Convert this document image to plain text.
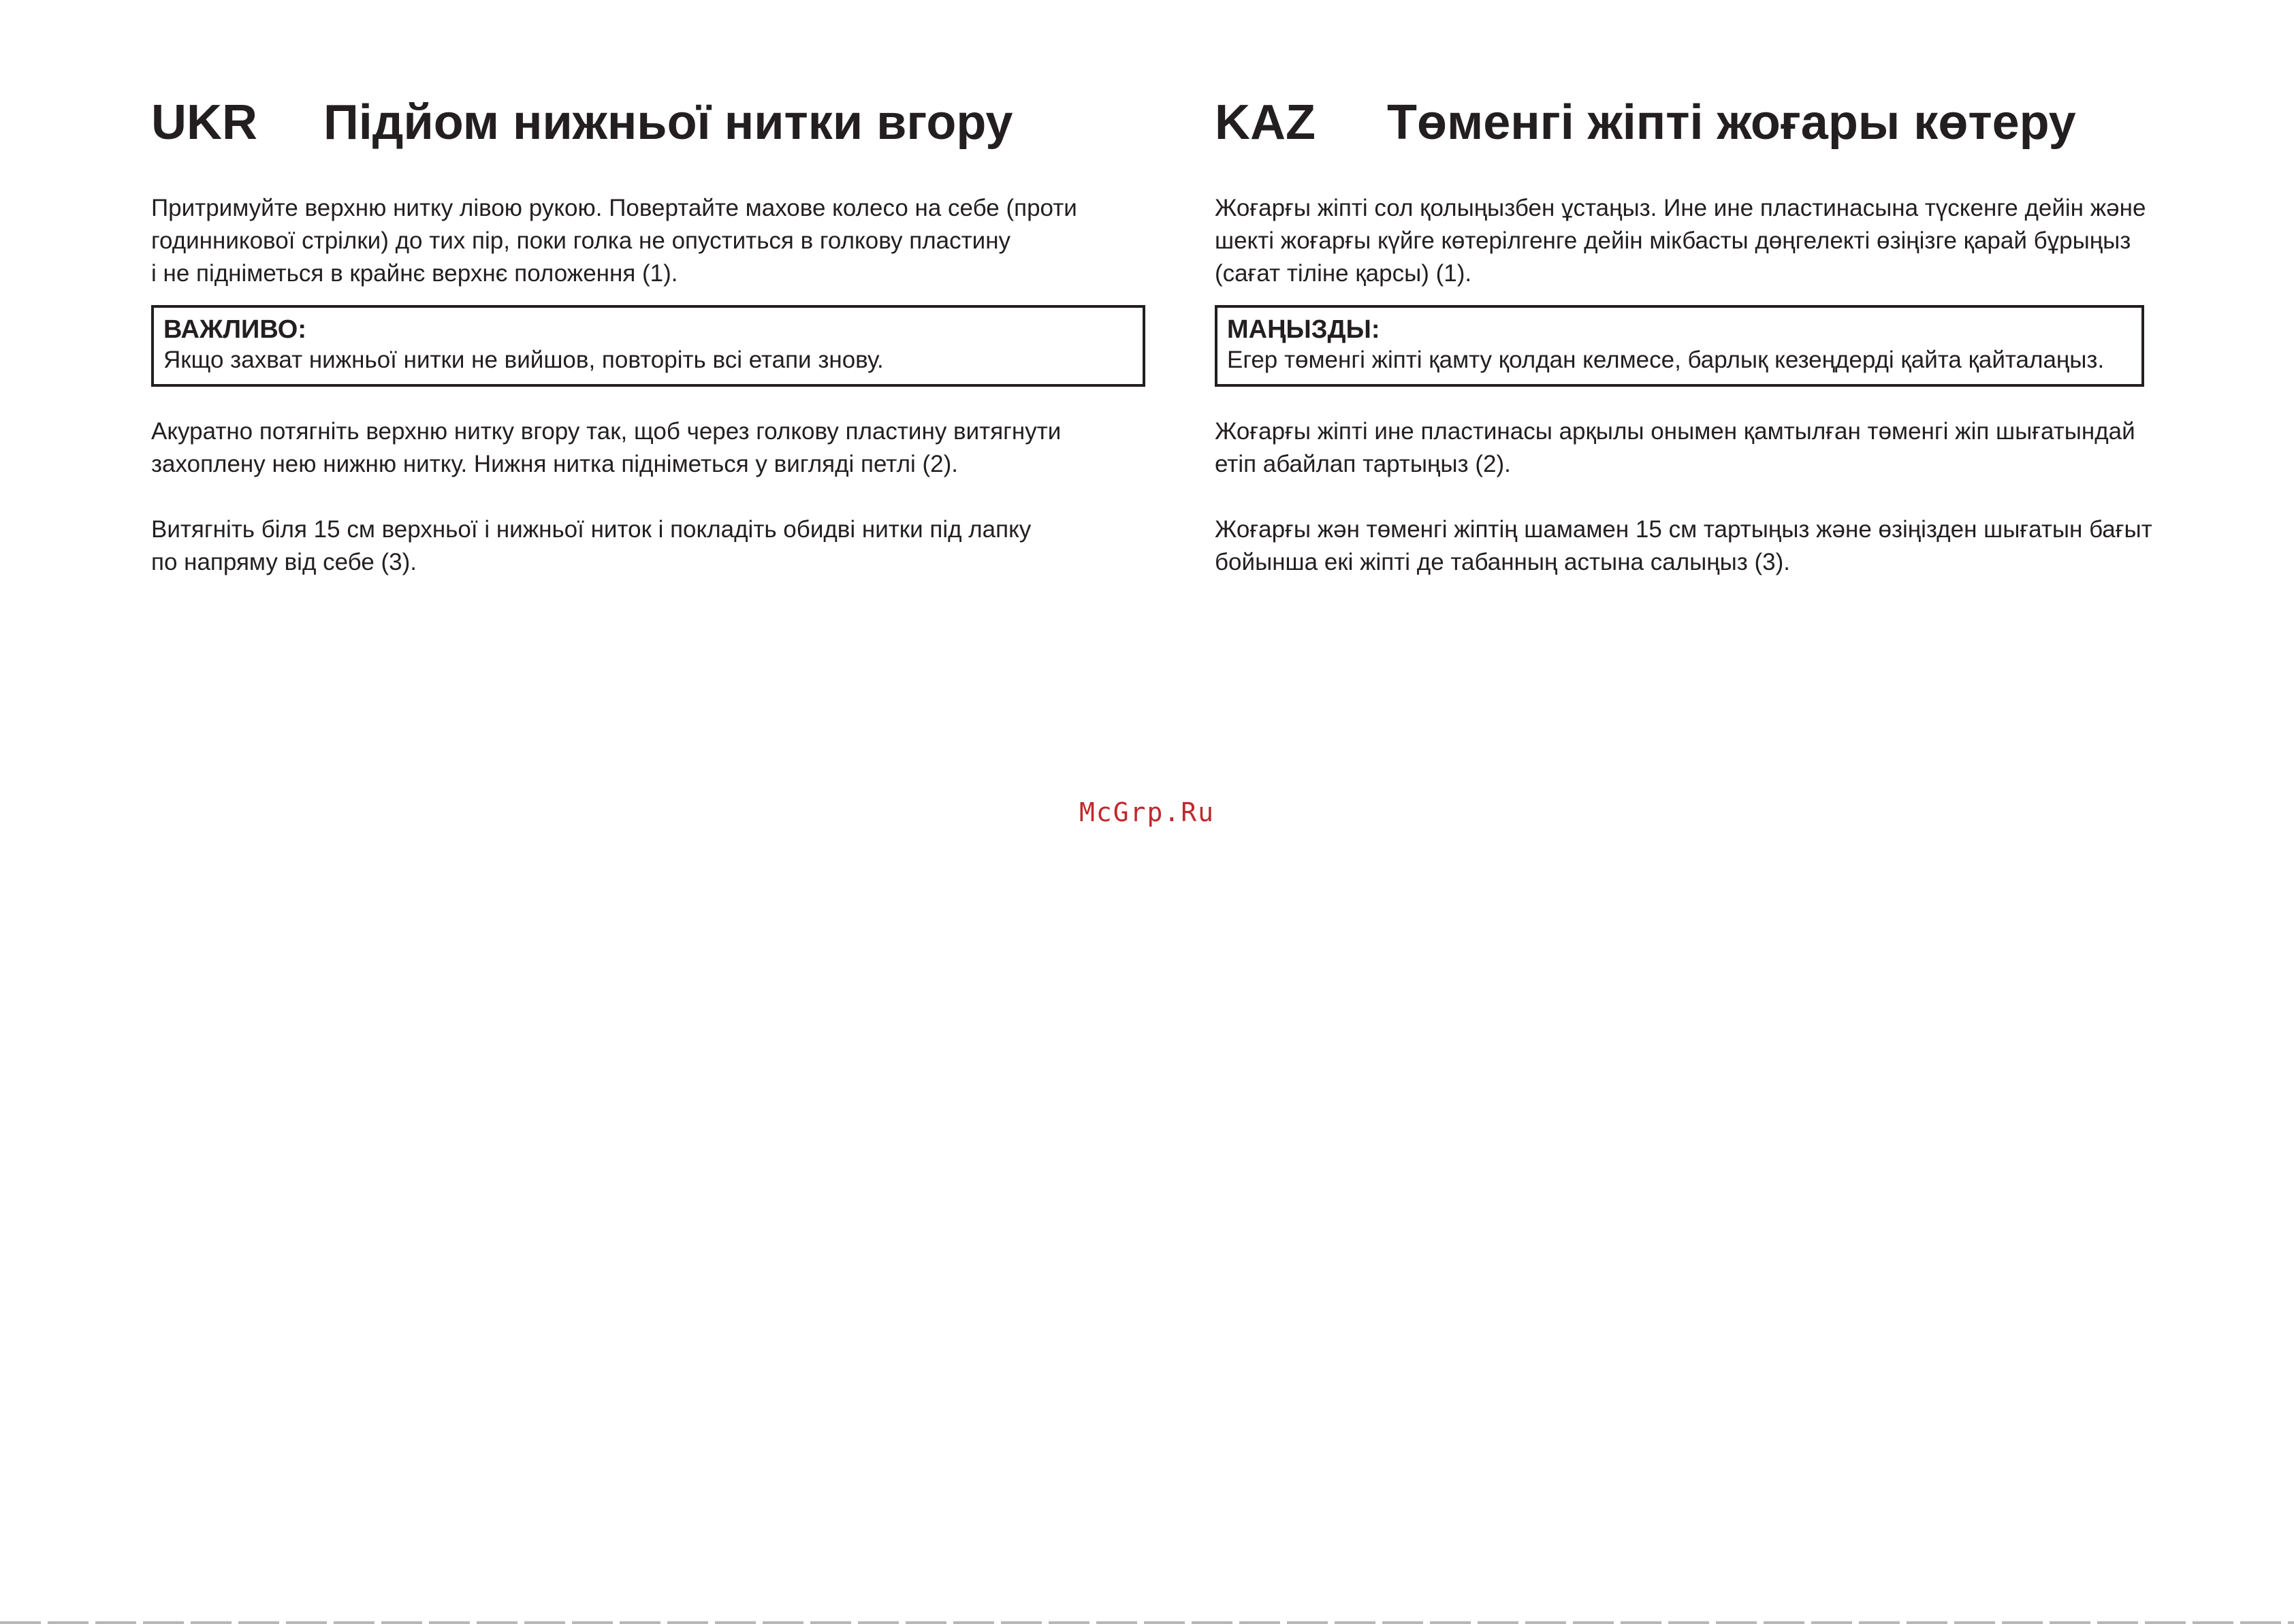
UKR	Підйом нижньої нитки вгору

Притримуйте верхню нитку лівою рукою. Повертайте махове колесо на себе (проти
годинникової стрілки) до тих пір, поки голка не опуститься в голкову пластину
і не підніметься в крайнє верхнє положення (1).

ВАЖЛИВО:
Якщо захват нижньої нитки не вийшов, повторіть всі етапи знову.

Акуратно потягніть верхню нитку вгору так, щоб через голкову пластину витягнути
захоплену нею нижню нитку. Нижня нитка підніметься у вигляді петлі (2).

Витягніть біля 15 см верхньої і нижньої ниток і покладіть обидві нитки під лапку
по напряму від себе (3).

KAZ	Төменгі жіпті жоғары көтеру

Жоғарғы жіпті сол қолыңызбен ұстаңыз. Ине ине пластинасына түскенге дейін және
шекті жоғарғы күйге көтерілгенге дейін мікбасты дөңгелекті өзіңізге қарай бұрыңыз
(сағат тіліне қарсы) (1).

МАҢЫЗДЫ:
Егер төменгі жіпті қамту қолдан келмесе, барлық кезеңдерді қайта қайталаңыз.

Жоғарғы жіпті ине пластинасы арқылы онымен қамтылған төменгі жіп шығатындай
етіп абайлап тартыңыз (2).

Жоғарғы жән төменгі жіптің шамамен 15 см тартыңыз және өзіңізден шығатын бағыт
бойынша екі жіпті де табанның астына салыңыз (3).

McGrp.Ru
